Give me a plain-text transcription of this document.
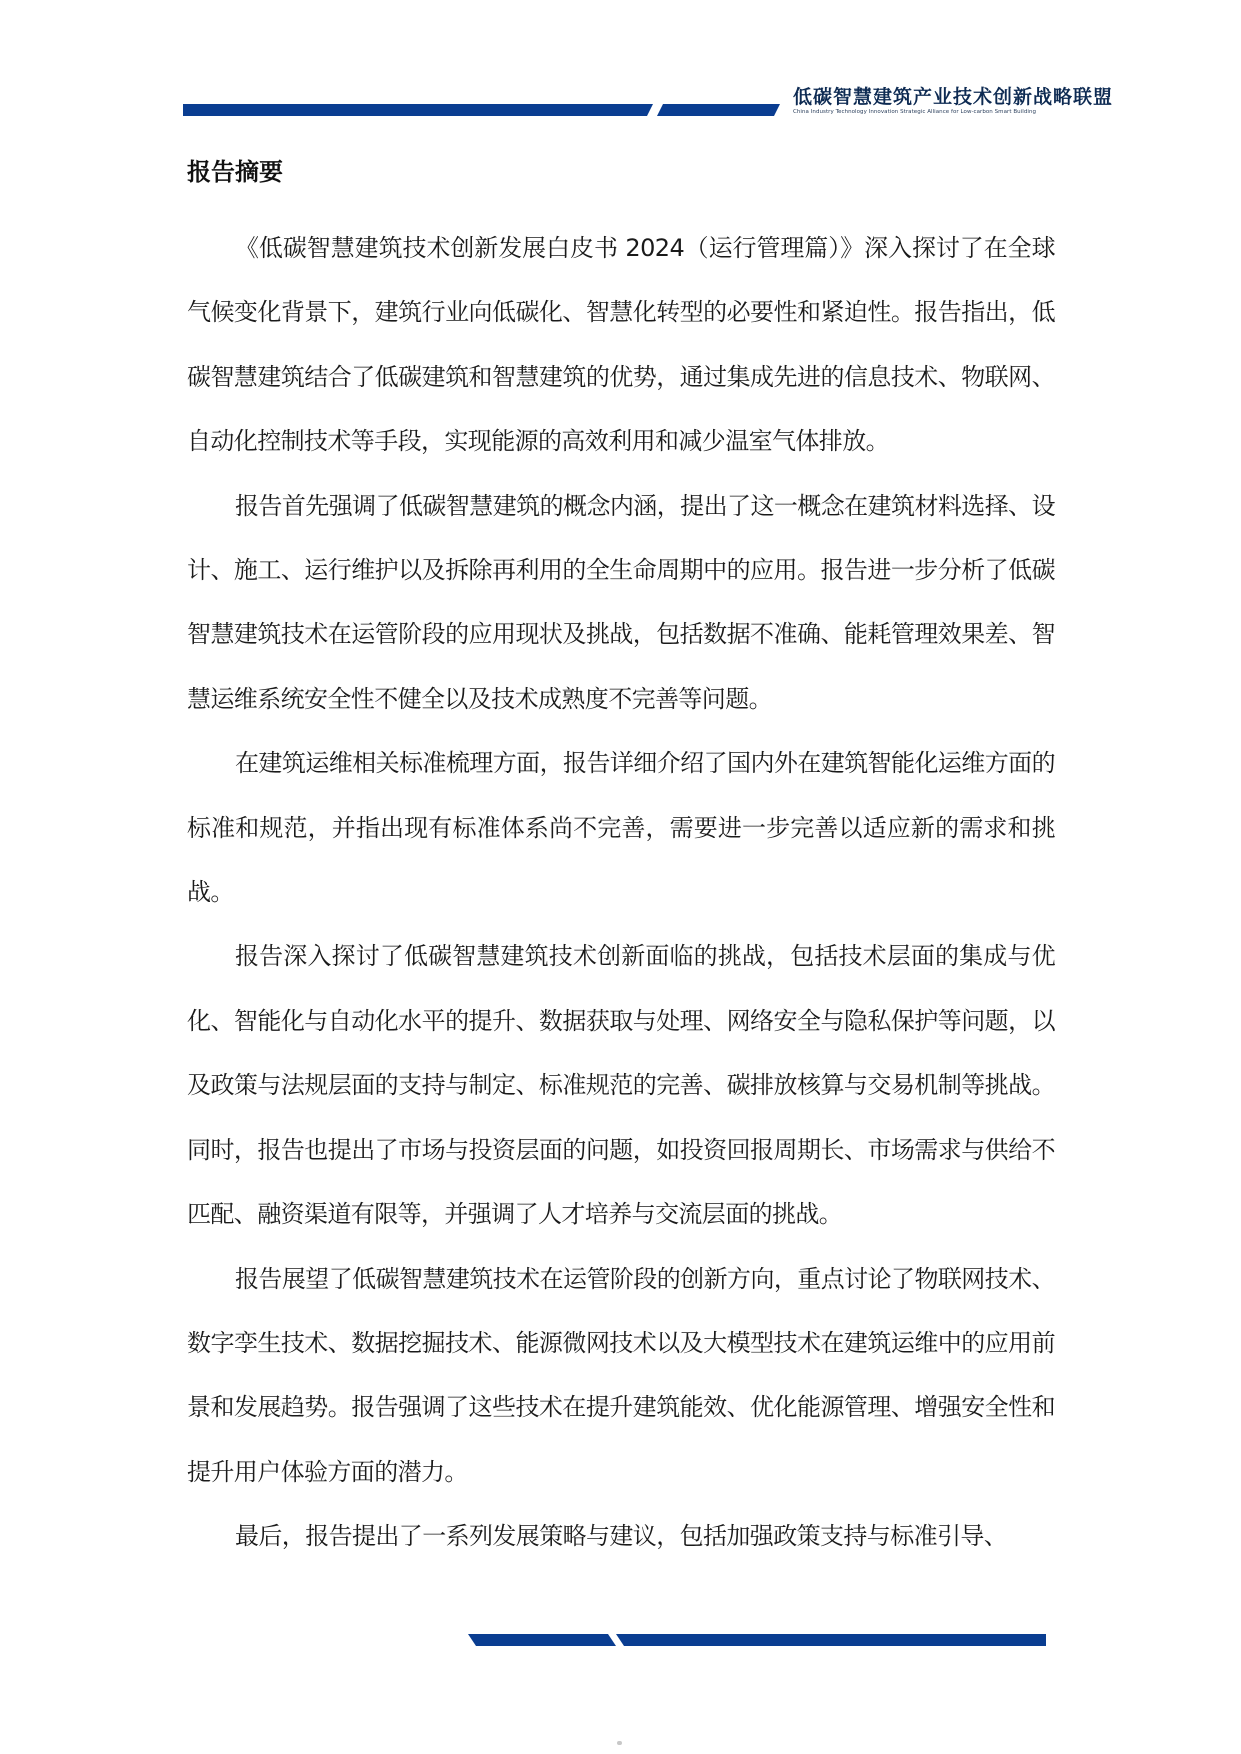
低碳智慧建筑产业技术创新战略联盟
China Industry Technology Innovation Strategic Alliance for Low-carbon Smart Building
报告摘要

《低碳智慧建筑技术创新发展白皮书 2024（运行管理篇）》深入探讨了在全球气候变化背景下，建筑行业向低碳化、智慧化转型的必要性和紧迫性。报告指出，低碳智慧建筑结合了低碳建筑和智慧建筑的优势，通过集成先进的信息技术、物联网、自动化控制技术等手段，实现能源的高效利用和减少温室气体排放。

报告首先强调了低碳智慧建筑的概念内涵，提出了这一概念在建筑材料选择、设计、施工、运行维护以及拆除再利用的全生命周期中的应用。报告进一步分析了低碳智慧建筑技术在运管阶段的应用现状及挑战，包括数据不准确、能耗管理效果差、智慧运维系统安全性不健全以及技术成熟度不完善等问题。

在建筑运维相关标准梳理方面，报告详细介绍了国内外在建筑智能化运维方面的标准和规范，并指出现有标准体系尚不完善，需要进一步完善以适应新的需求和挑战。

报告深入探讨了低碳智慧建筑技术创新面临的挑战，包括技术层面的集成与优化、智能化与自动化水平的提升、数据获取与处理、网络安全与隐私保护等问题，以及政策与法规层面的支持与制定、标准规范的完善、碳排放核算与交易机制等挑战。同时，报告也提出了市场与投资层面的问题，如投资回报周期长、市场需求与供给不匹配、融资渠道有限等，并强调了人才培养与交流层面的挑战。

报告展望了低碳智慧建筑技术在运管阶段的创新方向，重点讨论了物联网技术、数字孪生技术、数据挖掘技术、能源微网技术以及大模型技术在建筑运维中的应用前景和发展趋势。报告强调了这些技术在提升建筑能效、优化能源管理、增强安全性和提升用户体验方面的潜力。

最后，报告提出了一系列发展策略与建议，包括加强政策支持与标准引导、
